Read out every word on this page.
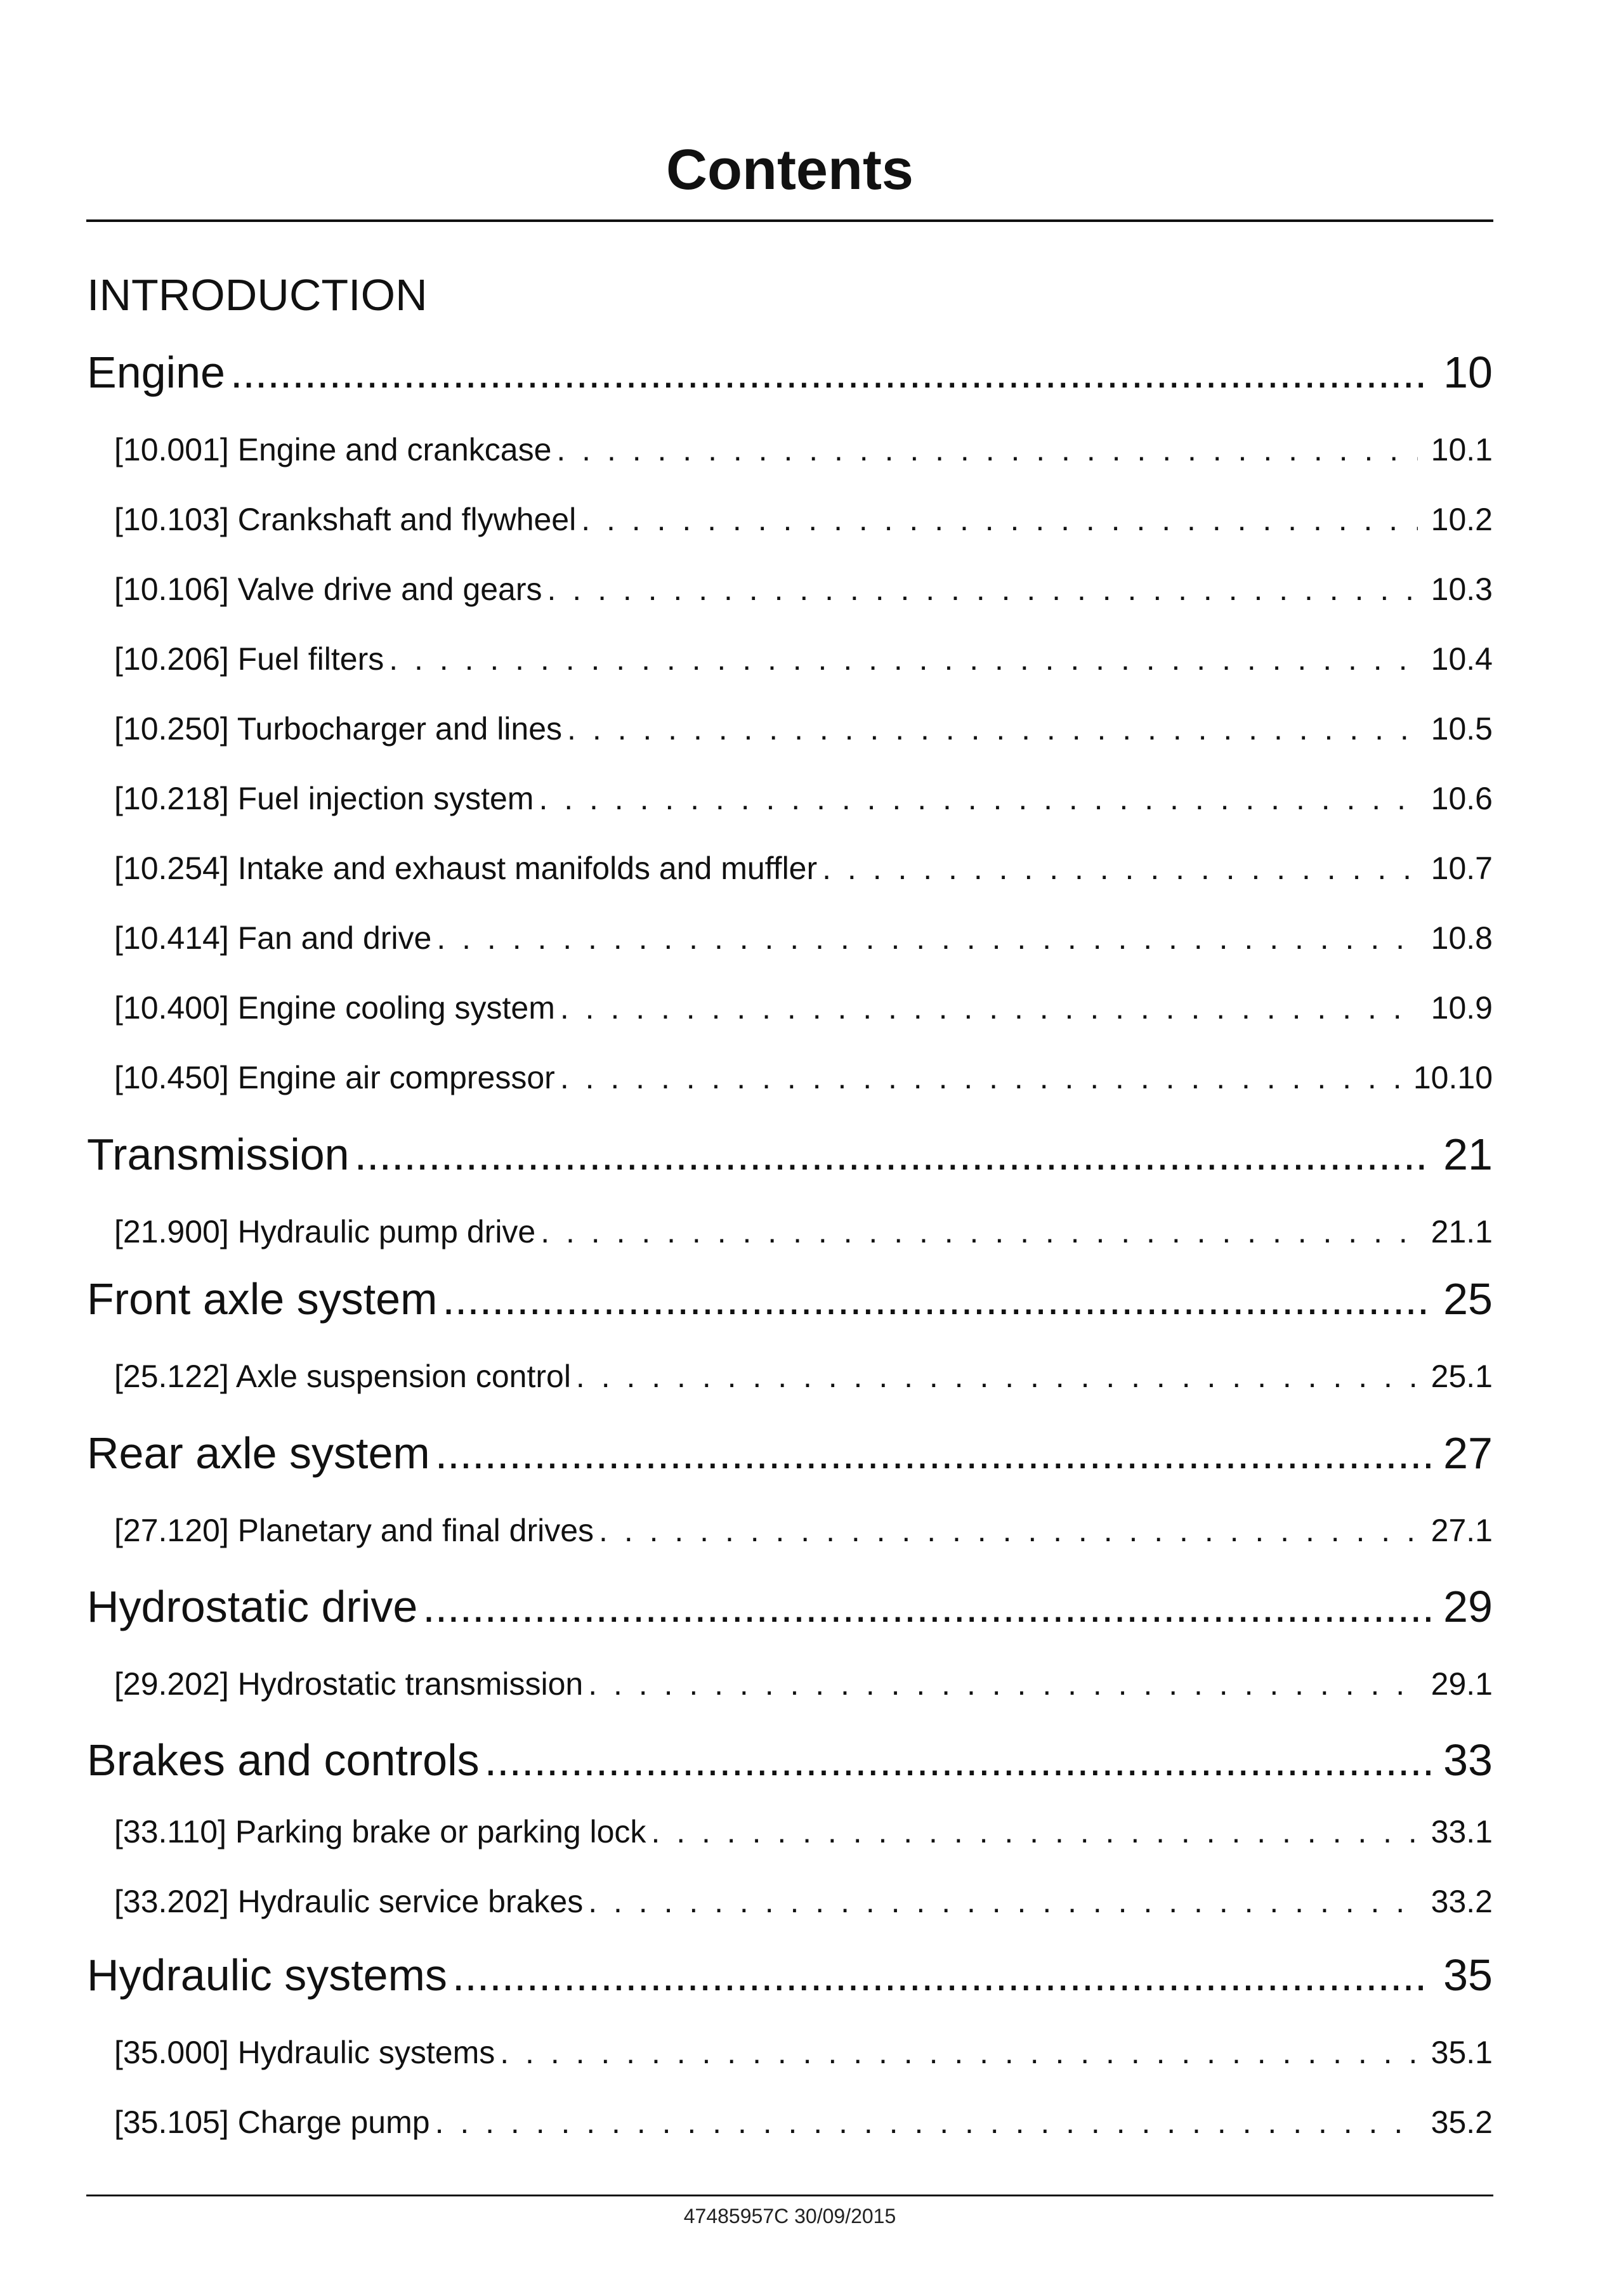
Contents
INTRODUCTION
Engine .....	10
[10.001] Engine and crankcase . . .	10.1
[10.103] Crankshaft and flywheel . . .	10.2
[10.106] Valve drive and gears . . .	10.3
[10.206] Fuel filters . . .	10.4
[10.250] Turbocharger and lines . . .	10.5
[10.218] Fuel injection system . . .	10.6
[10.254] Intake and exhaust manifolds and muffler . . .	10.7
[10.414] Fan and drive . . .	10.8
[10.400] Engine cooling system . . .	10.9
[10.450] Engine air compressor . . .	10.10
Transmission .....	21
[21.900] Hydraulic pump drive . . .	21.1
Front axle system .....	25
[25.122] Axle suspension control . . .	25.1
Rear axle system .....	27
[27.120] Planetary and final drives . . .	27.1
Hydrostatic drive .....	29
[29.202] Hydrostatic transmission . . .	29.1
Brakes and controls .....	33
[33.110] Parking brake or parking lock . . .	33.1
[33.202] Hydraulic service brakes . . .	33.2
Hydraulic systems .....	35
[35.000] Hydraulic systems . . .	35.1
[35.105] Charge pump . . .	35.2
47485957C 30/09/2015
